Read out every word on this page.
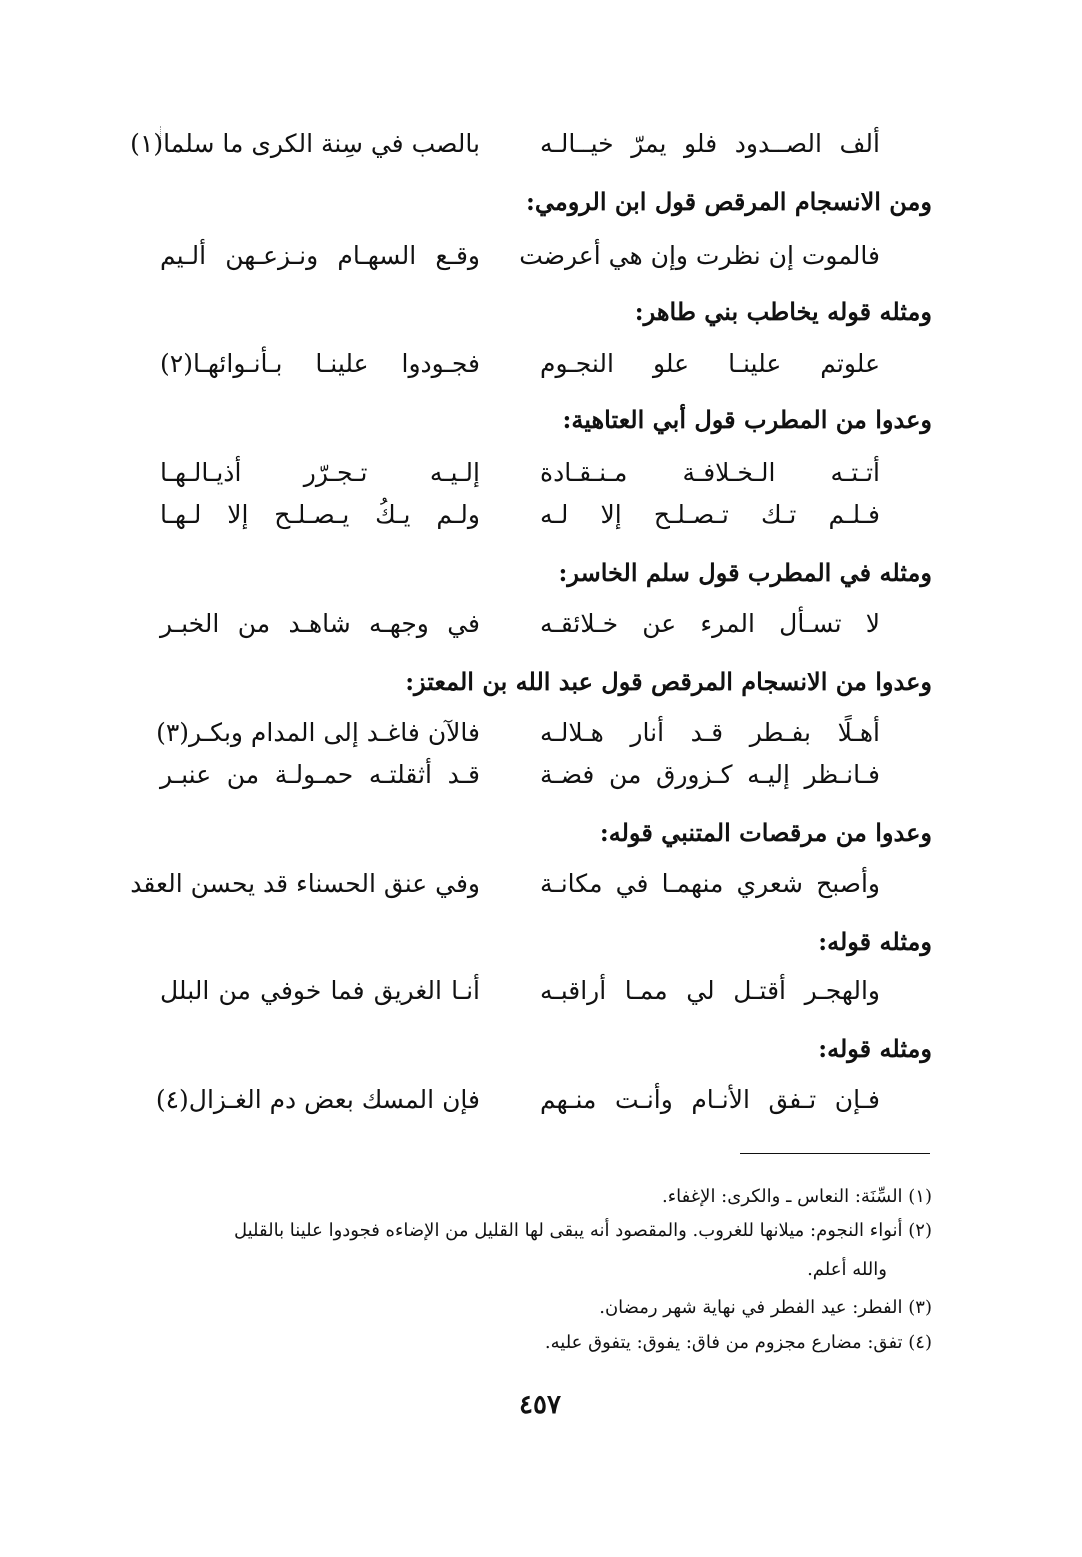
ألف الصــدود فلو يمرّ خيــالـه
بالصب في سِنة الكرى ما سلما(١)
ومن الانسجام المرقص قول ابن الرومي:
فالموت إن نظرت وإن هي أعرضت
وقـع السهـام ونـزعـهن ألـيم
ومثله قوله يخاطب بني طاهر:
علوتم علينـا علو النجـوم
فجـودوا علينـا بـأنـوائهـا(٢)
وعدوا من المطرب قول أبي العتاهية:
أتـتـه الـخـلافـة مـنـقـادة
إلـيـه تـجـرّر أذيـالـهـا
فـلـم تـك تـصـلـح إلا لـه
ولـم يـكُ يـصـلـح إلا لـهـا
ومثله في المطرب قول سلم الخاسر:
لا تسـأل المرء عن خـلائقـه
في وجهـه شاهـد من الخبـر
وعدوا من الانسجام المرقص قول عبد الله بن المعتز:
أهـلًا بفـطر قـد أنار هـلالـه
فالآن فاغـد إلى المدام وبكـر(٣)
فـانـظر إليـه كـزورق من فضـة
قـد أثقلتـه حمـولـة من عنبـر
وعدوا من مرقصات المتنبي قوله:
وأصبح شعري منهمـا في مكانـة
وفي عنق الحسناء قد يحسن العقد
ومثله قوله:
والهجـر أقتـل لي ممـا أراقبـه
أنـا الغريق فما خوفي من البلل
ومثله قوله:
فـإن تـفق الأنـام وأنـت منـهم
فإن المسك بعض دم الغـزال(٤)
(١) السِّنَة: النعاس ـ والكرى: الإغفاء.
(٢) أنواء النجوم: ميلانها للغروب. والمقصود أنه يبقى لها القليل من الإضاءه فجودوا علينا بالقليل
والله أعلم.
(٣) الفطر: عيد الفطر في نهاية شهر رمضان.
(٤) تفق: مضارع مجزوم من فاق: يفوق: يتفوق عليه.
٤٥٧
